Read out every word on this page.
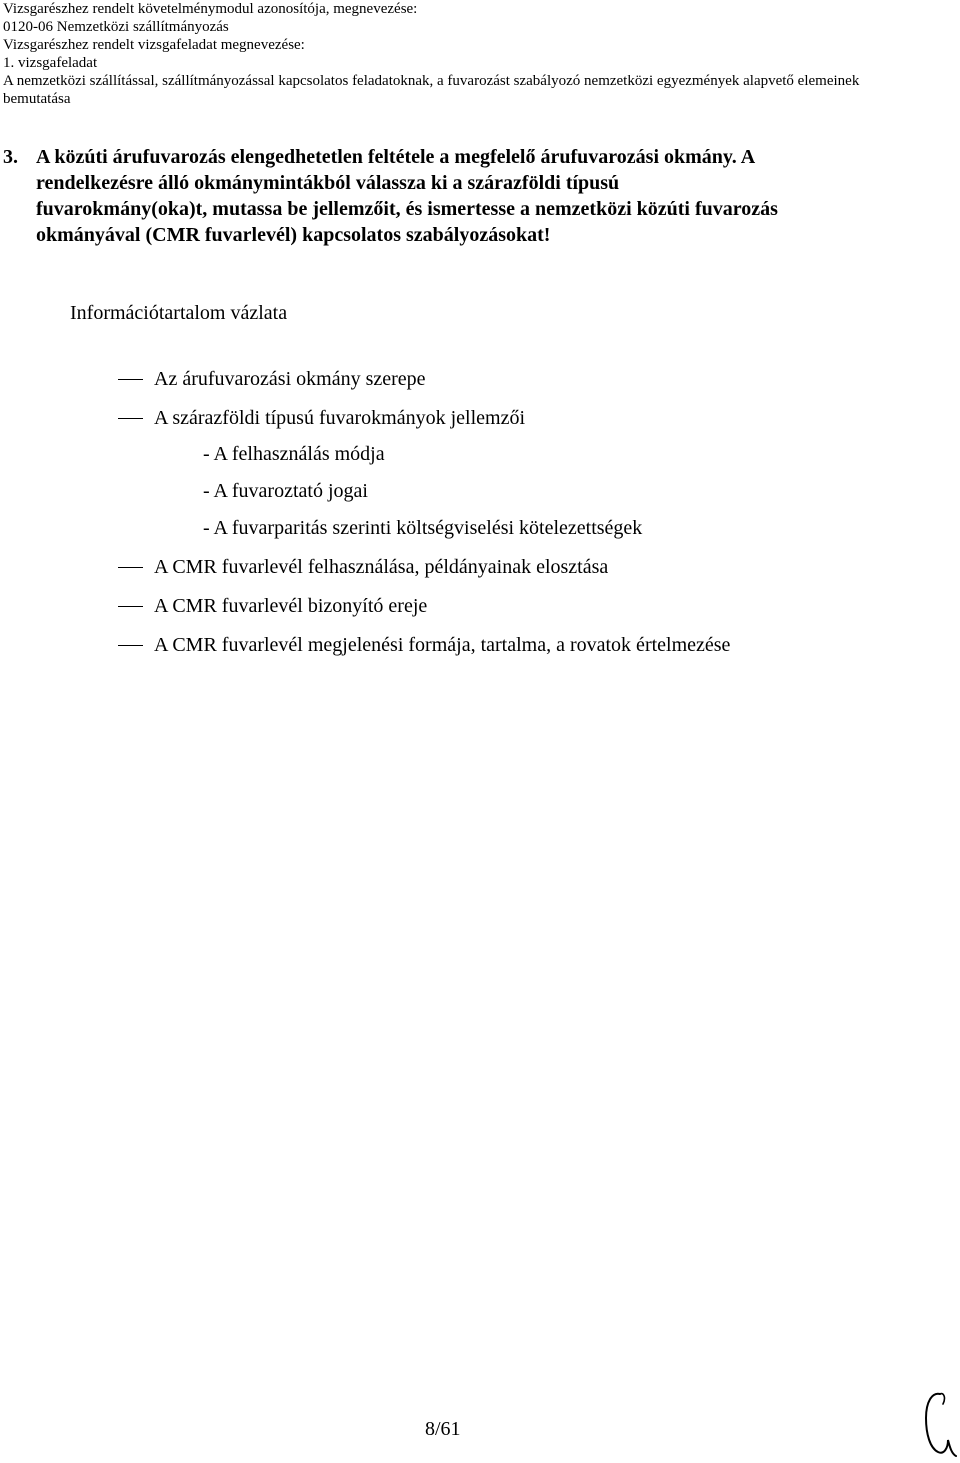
Vizsgarészhez rendelt követelménymodul azonosítója, megnevezése:
0120-06 Nemzetközi szállítmányozás
Vizsgarészhez rendelt vizsgafeladat megnevezése:
1. vizsgafeladat
A nemzetközi szállítással, szállítmányozással kapcsolatos feladatoknak, a fuvarozást szabályozó nemzetközi egyezmények alapvető elemeinek
bemutatása
3. A közúti árufuvarozás elengedhetetlen feltétele a megfelelő árufuvarozási okmány. A
rendelkezésre álló okmánymintákból válassza ki a szárazföldi típusú
fuvarokmány(oka)t, mutassa be jellemzőit, és ismertesse a nemzetközi közúti fuvarozás
okmányával (CMR fuvarlevél) kapcsolatos szabályozásokat!
Információtartalom vázlata
Az árufuvarozási okmány szerepe
A szárazföldi típusú fuvarokmányok jellemzői
- A felhasználás módja
- A fuvaroztató jogai
- A fuvarparitás szerinti költségviselési kötelezettségek
A CMR fuvarlevél felhasználása, példányainak elosztása
A CMR fuvarlevél bizonyító ereje
A CMR fuvarlevél megjelenési formája, tartalma, a rovatok értelmezése
8/61
